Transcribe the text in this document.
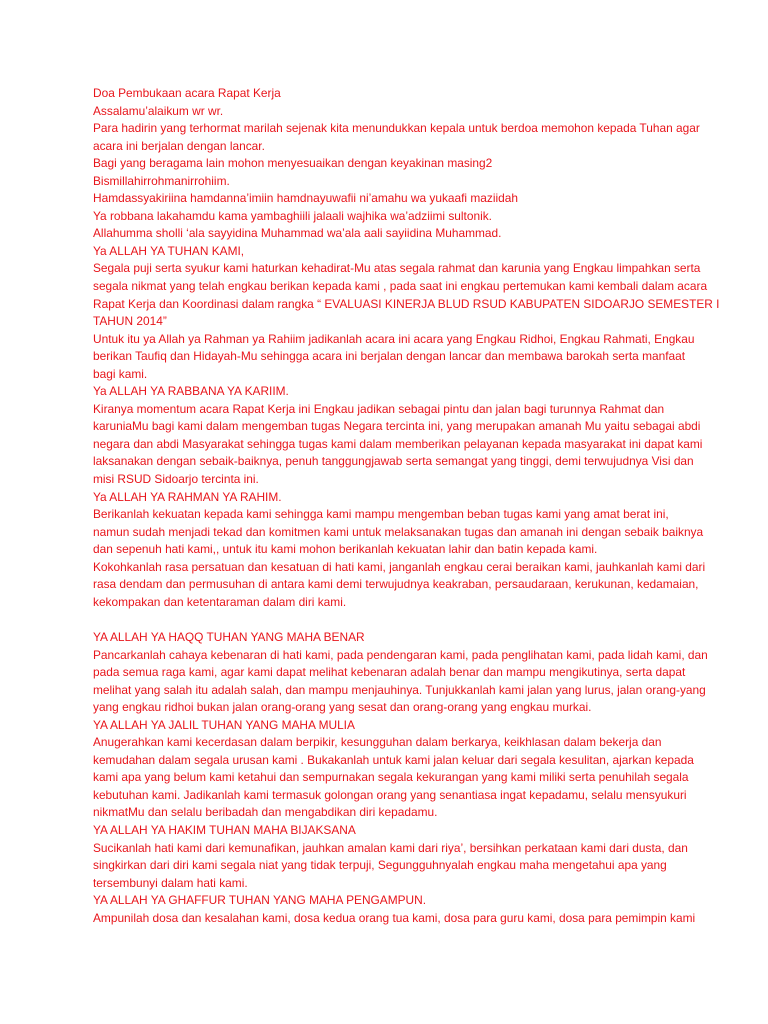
Doa Pembukaan acara Rapat Kerja
Assalamu’alaikum wr wr.
Para hadirin yang terhormat marilah sejenak kita menundukkan kepala untuk berdoa memohon kepada Tuhan agar
acara ini berjalan dengan lancar.
Bagi yang beragama lain mohon menyesuaikan dengan keyakinan masing2
Bismillahirrohmanirrohiim.
Hamdassyakiriina hamdanna’imiin hamdnayuwafii ni’amahu wa yukaafi maziidah
Ya robbana lakahamdu kama yambaghiili jalaali wajhika wa’adziimi sultonik.
Allahumma sholli ‘ala sayyidina Muhammad wa’ala aali sayiidina Muhammad.
Ya ALLAH YA TUHAN KAMI,
Segala puji serta syukur kami haturkan kehadirat-Mu atas segala rahmat dan karunia yang Engkau limpahkan serta
segala nikmat yang telah engkau berikan kepada kami , pada saat ini engkau pertemukan kami kembali dalam acara
Rapat Kerja dan Koordinasi dalam rangka “ EVALUASI KINERJA BLUD RSUD KABUPATEN SIDOARJO SEMESTER I
TAHUN 2014”
Untuk itu ya Allah ya Rahman ya Rahiim jadikanlah acara ini acara yang Engkau Ridhoi, Engkau Rahmati, Engkau
berikan Taufiq dan Hidayah-Mu sehingga acara ini berjalan dengan lancar dan membawa barokah serta manfaat
bagi kami.
Ya ALLAH YA RABBANA YA KARIIM.
Kiranya momentum acara Rapat Kerja ini Engkau jadikan sebagai pintu dan jalan bagi turunnya Rahmat dan
karuniaMu bagi kami dalam mengemban tugas Negara tercinta ini, yang merupakan amanah Mu yaitu sebagai abdi
negara dan abdi Masyarakat sehingga tugas kami dalam memberikan pelayanan kepada masyarakat ini dapat kami
laksanakan dengan sebaik-baiknya, penuh tanggungjawab serta semangat yang tinggi, demi terwujudnya Visi dan
misi RSUD Sidoarjo tercinta ini.
Ya ALLAH YA RAHMAN YA RAHIM.
Berikanlah kekuatan kepada kami sehingga kami mampu mengemban beban tugas kami yang amat berat ini,
namun sudah menjadi tekad dan komitmen kami untuk melaksanakan tugas dan amanah ini dengan sebaik baiknya
dan sepenuh hati kami,, untuk itu kami mohon berikanlah kekuatan lahir dan batin kepada kami.
Kokohkanlah rasa persatuan dan kesatuan di hati kami, janganlah engkau cerai beraikan kami, jauhkanlah kami dari
rasa dendam dan permusuhan di antara kami demi terwujudnya keakraban, persaudaraan, kerukunan, kedamaian,
kekompakan dan ketentaraman dalam diri kami.
YA ALLAH YA HAQQ TUHAN YANG MAHA BENAR
Pancarkanlah cahaya kebenaran di hati kami, pada pendengaran kami, pada penglihatan kami, pada lidah kami, dan
pada semua raga kami, agar kami dapat melihat kebenaran adalah benar dan mampu mengikutinya, serta dapat
melihat yang salah itu adalah salah, dan mampu menjauhinya. Tunjukkanlah kami jalan yang lurus, jalan orang-yang
yang engkau ridhoi bukan jalan orang-orang yang sesat dan orang-orang yang engkau murkai.
YA ALLAH YA JALIL TUHAN YANG MAHA MULIA
Anugerahkan kami kecerdasan dalam berpikir, kesungguhan dalam berkarya, keikhlasan dalam bekerja dan
kemudahan dalam segala urusan kami . Bukakanlah untuk kami jalan keluar dari segala kesulitan, ajarkan kepada
kami apa yang belum kami ketahui dan sempurnakan segala kekurangan yang kami miliki serta penuhilah segala
kebutuhan kami. Jadikanlah kami termasuk golongan orang yang senantiasa ingat kepadamu, selalu mensyukuri
nikmatMu dan selalu beribadah dan mengabdikan diri kepadamu.
YA ALLAH YA HAKIM TUHAN MAHA BIJAKSANA
Sucikanlah hati kami dari kemunafikan, jauhkan amalan kami dari riya’, bersihkan perkataan kami dari dusta, dan
singkirkan dari diri kami segala niat yang tidak terpuji, Segungguhnyalah engkau maha mengetahui apa yang
tersembunyi dalam hati kami.
YA ALLAH YA GHAFFUR TUHAN YANG MAHA PENGAMPUN.
Ampunilah dosa dan kesalahan kami, dosa kedua orang tua kami, dosa para guru kami, dosa para pemimpin kami
